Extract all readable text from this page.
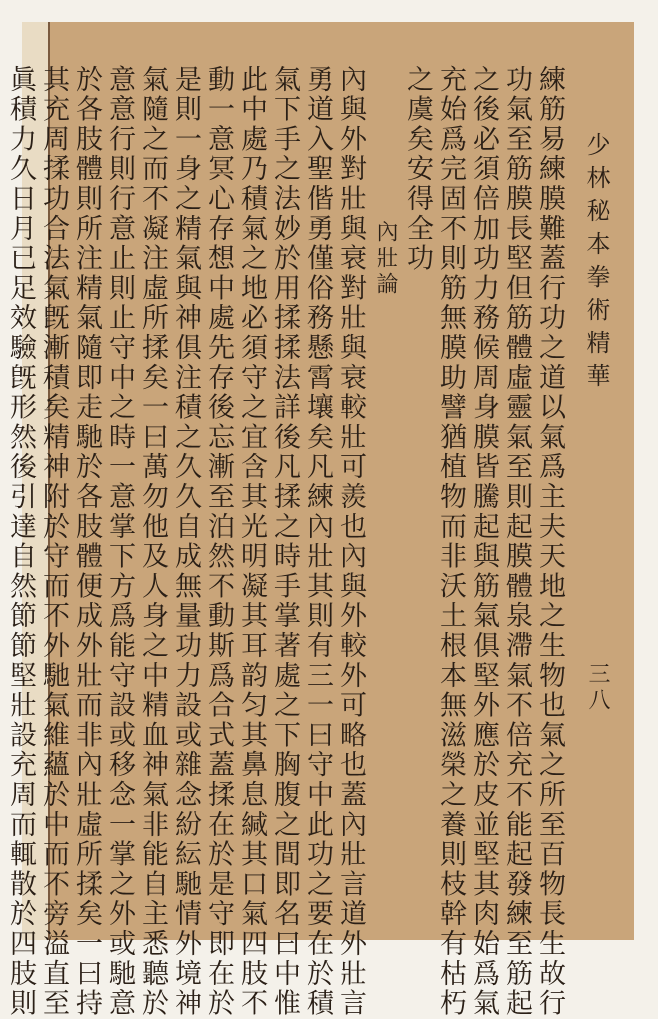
少林秘本拳術精華
三八
練筋易練膜難蓋行功之道以氣爲主夫天地之生物也氣之所至百物長生故行
功氣至筋膜長堅但筋體虛靈氣至則起膜體泉滯氣不倍充不能起發練至筋起
之後必須倍加功力務候周身膜皆騰起與筋氣俱堅外應於皮並堅其肉始爲氣
充始爲完固不則筋無膜助譬猶植物而非沃土根本無滋榮之養則枝幹有枯朽
之虞矣安得全功
內壯論
內與外對壯與衰對壯與衰較壯可羨也內與外較外可略也蓋內壯言道外壯言
勇道入聖偕勇僅俗務懸霄壤矣凡練內壯其則有三一曰守中此功之要在於積
氣下手之法妙於用揉揉法詳後凡揉之時手掌著處之下胸腹之間即名曰中惟
此中處乃積氣之地必須守之宜含其光明凝其耳韵匀其鼻息緘其口氣四肢不
動一意冥心存想中處先存後忘漸至泊然不動斯爲合式蓋揉在於是守即在於
是則一身之精氣與神俱注積之久久自成無量功力設或雜念紛紜馳情外境神
氣隨之而不凝注虛所揉矣一曰萬勿他及人身之中精血神氣非能自主悉聽於
意意行則行意止則止守中之時一意掌下方爲能守設或移念一掌之外或馳意
於各肢體則所注精氣隨即走馳於各肢體便成外壯而非內壯虛所揉矣一曰持
其充周揉功合法氣旣漸積矣精神附於守而不外馳氣維蘊於中而不旁溢直至
眞積力久日月已足效驗旣形然後引達自然節節堅壯設充周而輒散於四肢則
